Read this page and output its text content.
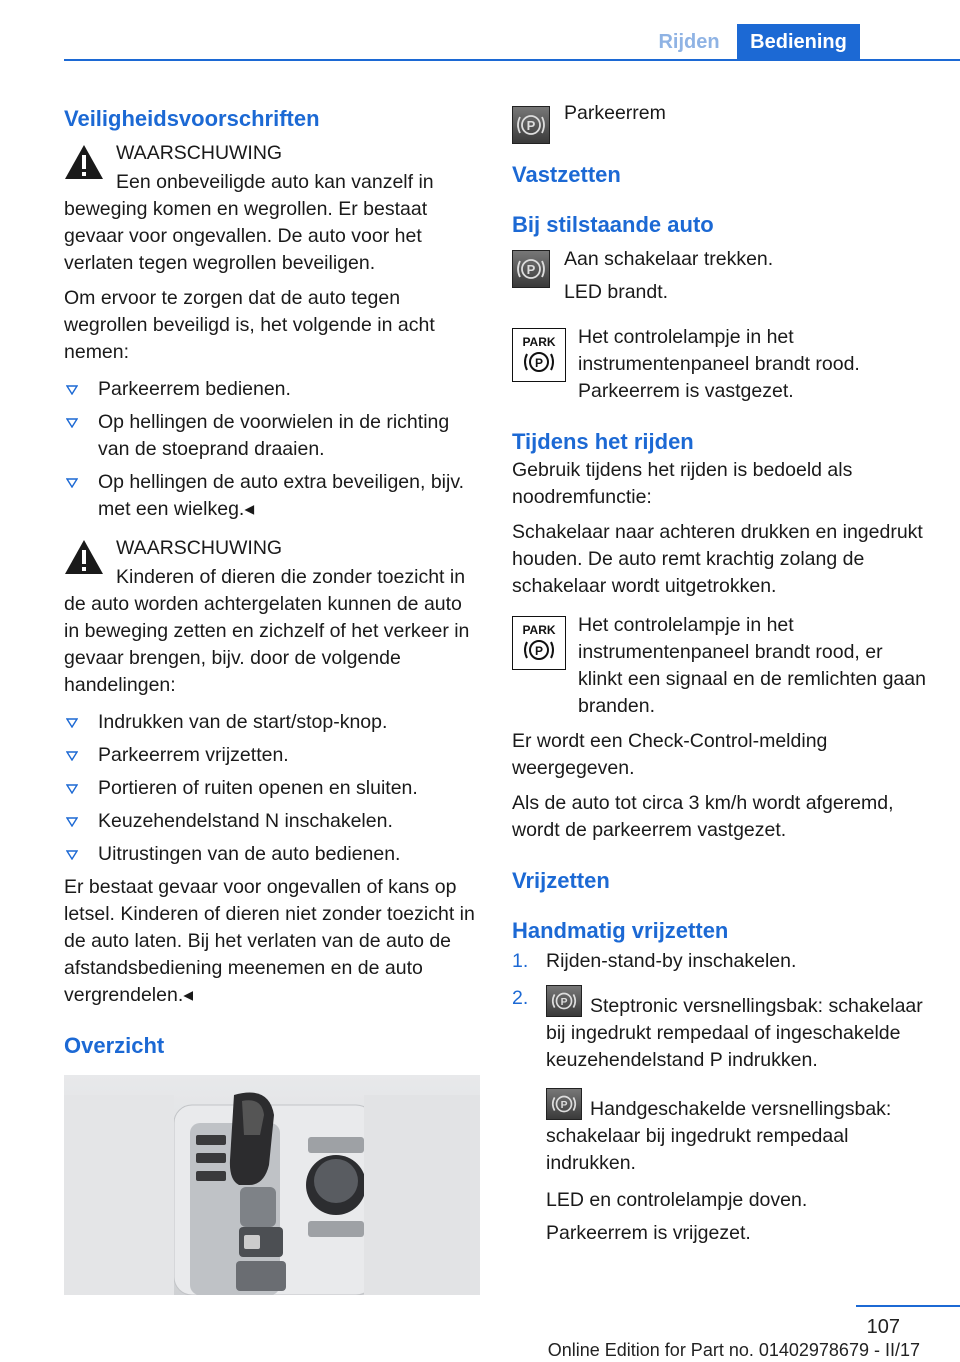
Rijden	Bediening
Veiligheidsvoorschriften

WAARSCHUWING

Een onbeveiligde auto kan vanzelf in beweging komen en wegrollen. Er bestaat gevaar voor ongevallen. De auto voor het verlaten tegen wegrollen beveiligen.

Om ervoor te zorgen dat de auto tegen wegrollen beveiligd is, het volgende in acht nemen:

Parkeerrem bedienen.
Op hellingen de voorwielen in de richting van de stoeprand draaien.
Op hellingen de auto extra beveiligen, bijv. met een wielkeg.◂

WAARSCHUWING

Kinderen of dieren die zonder toezicht in de auto worden achtergelaten kunnen de auto in beweging zetten en zichzelf of het verkeer in gevaar brengen, bijv. door de volgende handelingen:

Indrukken van de start/stop-knop.
Parkeerrem vrijzetten.
Portieren of ruiten openen en sluiten.
Keuzehendelstand N inschakelen.
Uitrustingen van de auto bedienen.

Er bestaat gevaar voor ongevallen of kans op letsel. Kinderen of dieren niet zonder toezicht in de auto laten. Bij het verlaten van de auto de afstandsbediening meenemen en de auto vergrendelen.◂

Overzicht
P

Parkeerrem

Vastzetten
Bij stilstaande auto
P Aan schakelaar trekken.

LED brandt.

PARK
P

Het controlelampje in het instrumentenpaneel brandt rood. Parkeerrem is vastgezet.

Tijdens het rijden

Gebruik tijdens het rijden is bedoeld als noodremfunctie:

Schakelaar naar achteren drukken en ingedrukt houden. De auto remt krachtig zolang de schakelaar wordt uitgetrokken.

PARK
P

Het controlelampje in het instrumentenpaneel brandt rood, er klinkt een signaal en de remlichten gaan branden.

Er wordt een Check-Control-melding weergegeven.

Als de auto tot circa 3 km/h wordt afgeremd, wordt de parkeerrem vastgezet.

Vrijzetten
Handmatig vrijzetten
1. Rijden-stand-by inschakelen.
2.	P Steptronic versnellingsbak: schakelaar bij ingedrukt rempedaal of ingeschakelde keuzehendelstand P indrukken.
P Handgeschakelde versnellingsbak: schakelaar bij ingedrukt rempedaal indrukken.
LED en controlelampje doven.
Parkeerrem is vrijgezet.
107
Online Edition for Part no. 01402978679 - II/17
